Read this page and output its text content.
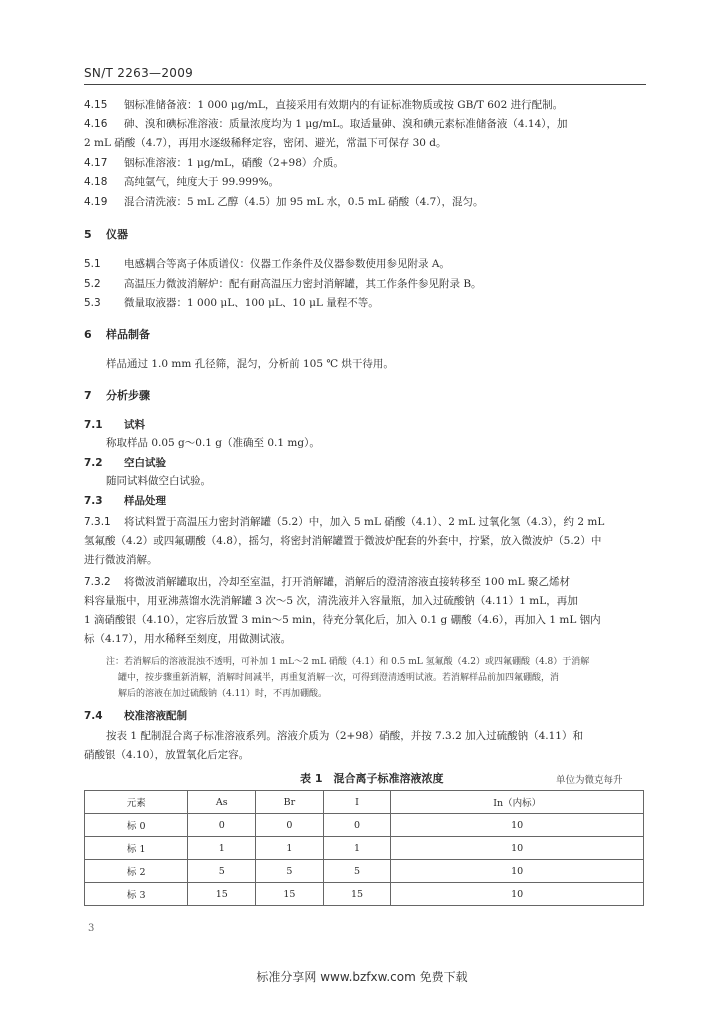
SN/T 2263—2009
4.15 铟标准储备液：1 000 μg/mL，直接采用有效期内的有证标准物质或按 GB/T 602 进行配制。
4.16 砷、溴和碘标准溶液：质量浓度均为 1 μg/mL。取适量砷、溴和碘元素标准储备液（4.14），加
2 mL 硝酸（4.7），再用水逐级稀释定容，密闭、避光，常温下可保存 30 d。
4.17 铟标准溶液：1 μg/mL，硝酸（2+98）介质。
4.18 高纯氩气，纯度大于 99.999%。
4.19 混合清洗液：5 mL 乙醇（4.5）加 95 mL 水，0.5 mL 硝酸（4.7），混匀。
5 仪器
5.1 电感耦合等离子体质谱仪：仪器工作条件及仪器参数使用参见附录 A。
5.2 高温压力微波消解炉：配有耐高温压力密封消解罐，其工作条件参见附录 B。
5.3 微量取液器：1 000 μL、100 μL、10 μL 量程不等。
6 样品制备
样品通过 1.0 mm 孔径筛，混匀，分析前 105 ℃ 烘干待用。
7 分析步骤
7.1 试料
称取样品 0.05 g～0.1 g（准确至 0.1 mg）。
7.2 空白试验
随同试料做空白试验。
7.3 样品处理
7.3.1 将试料置于高温压力密封消解罐（5.2）中，加入 5 mL 硝酸（4.1）、2 mL 过氧化氢（4.3），约 2 mL
氢氟酸（4.2）或四氟硼酸（4.8），摇匀，将密封消解罐置于微波炉配套的外套中，拧紧，放入微波炉（5.2）中
进行微波消解。
7.3.2 将微波消解罐取出，冷却至室温，打开消解罐，消解后的澄清溶液直接转移至 100 mL 聚乙烯材
料容量瓶中，用亚沸蒸馏水洗消解罐 3 次～5 次，清洗液并入容量瓶，加入过硫酸钠（4.11）1 mL，再加
1 滴硝酸银（4.10），定容后放置 3 min～5 min，待充分氧化后，加入 0.1 g 硼酸（4.6），再加入 1 mL 铟内
标（4.17），用水稀释至刻度，用做测试液。
注：若消解后的溶液混浊不透明，可补加 1 mL～2 mL 硝酸（4.1）和 0.5 mL 氢氟酸（4.2）或四氟硼酸（4.8）于消解
罐中，按步骤重新消解，消解时间减半，再重复消解一次，可得到澄清透明试液。若消解样品前加四氟硼酸，消
解后的溶液在加过硫酸钠（4.11）时，不再加硼酸。
7.4 校准溶液配制
按表 1 配制混合离子标准溶液系列。溶液介质为（2+98）硝酸，并按 7.3.2 加入过硫酸钠（4.11）和
硝酸银（4.10），放置氧化后定容。
表 1　混合离子标准溶液浓度	单位为微克每升
元素	As	Br	I	In（内标）
标 0	0	0	0	10
标 1	1	1	1	10
标 2	5	5	5	10
标 3	15	15	15	10
3
标准分享网 www.bzfxw.com 免费下载
